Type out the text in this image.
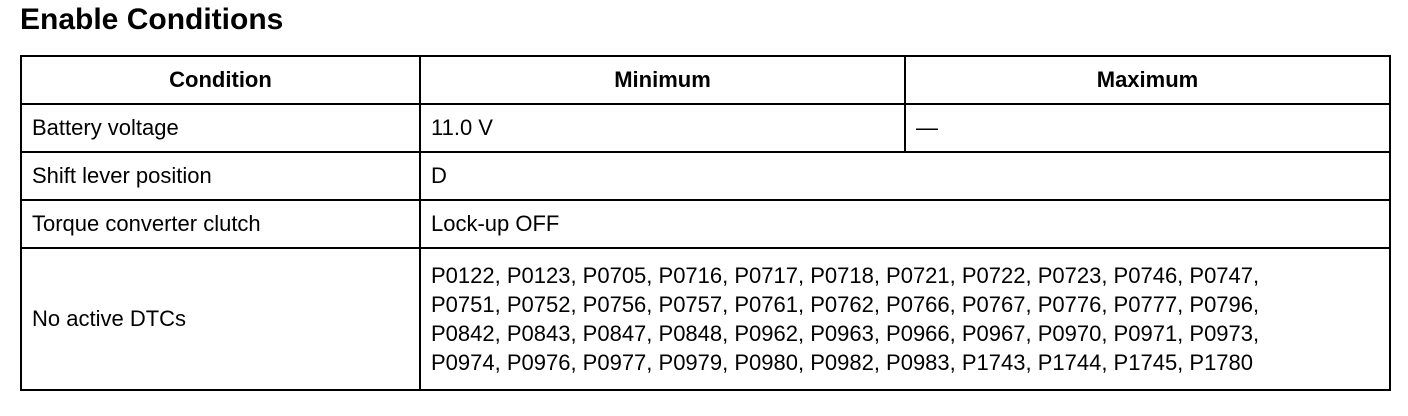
Enable Conditions
Condition	Minimum	Maximum
Battery voltage	11.0 V	—
Shift lever position	D	
Torque converter clutch	Lock-up OFF	
No active DTCs	P0122, P0123, P0705, P0716, P0717, P0718, P0721, P0722, P0723, P0746, P0747,
P0751, P0752, P0756, P0757, P0761, P0762, P0766, P0767, P0776, P0777, P0796,
P0842, P0843, P0847, P0848, P0962, P0963, P0966, P0967, P0970, P0971, P0973,
P0974, P0976, P0977, P0979, P0980, P0982, P0983, P1743, P1744, P1745, P1780	
